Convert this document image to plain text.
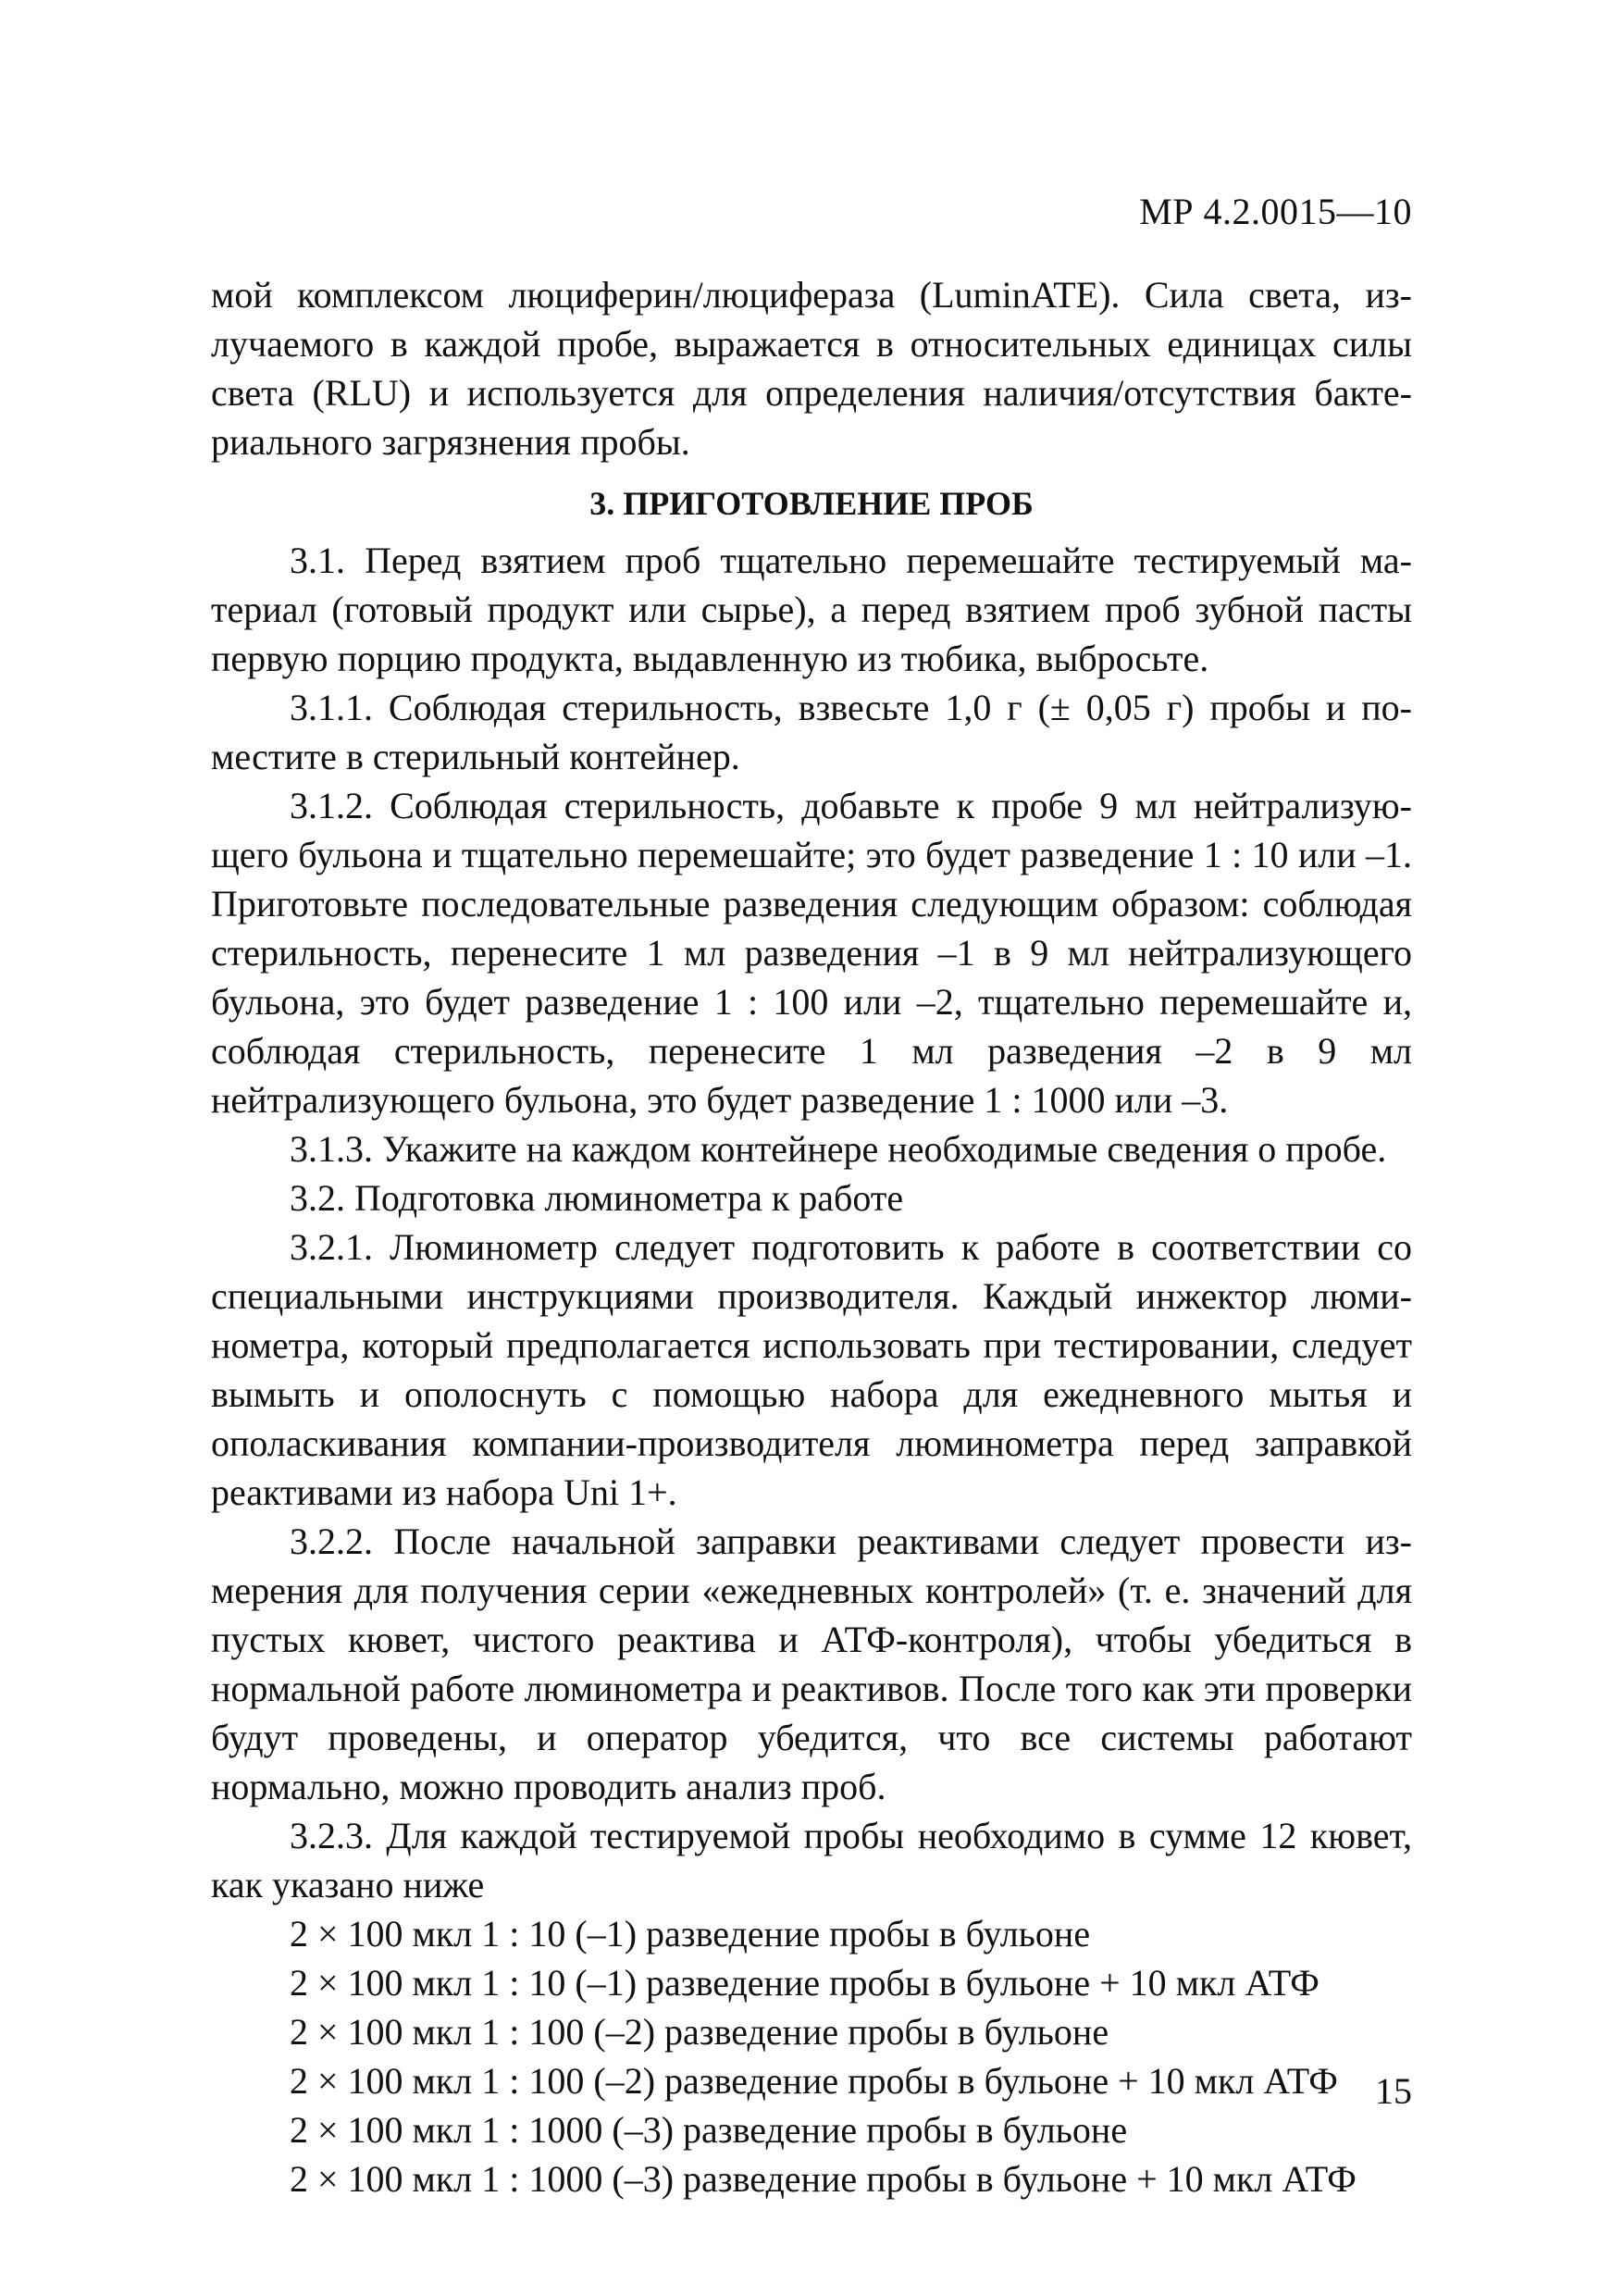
МР 4.2.0015—10

мой комплексом люциферин/люцифераза (LuminATE). Сила света, излучаемого в каждой пробе, выражается в относительных единицах силы света (RLU) и используется для определения наличия/отсутствия бактериального загрязнения пробы.

3. ПРИГОТОВЛЕНИЕ ПРОБ

3.1. Перед взятием проб тщательно перемешайте тестируемый материал (готовый продукт или сырье), а перед взятием проб зубной пасты первую порцию продукта, выдавленную из тюбика, выбросьте.

3.1.1. Соблюдая стерильность, взвесьте 1,0 г (± 0,05 г) пробы и поместите в стерильный контейнер.

3.1.2. Соблюдая стерильность, добавьте к пробе 9 мл нейтрализующего бульона и тщательно перемешайте; это будет разведение 1 : 10 или –1. Приготовьте последовательные разведения следующим образом: соблюдая стерильность, перенесите 1 мл разведения –1 в 9 мл нейтрализующего бульона, это будет разведение 1 : 100 или –2, тщательно перемешайте и, соблюдая стерильность, перенесите 1 мл разведения –2 в 9 мл нейтрализующего бульона, это будет разведение 1 : 1000 или –3.

3.1.3. Укажите на каждом контейнере необходимые сведения о пробе.

3.2. Подготовка люминометра к работе

3.2.1. Люминометр следует подготовить к работе в соответствии со специальными инструкциями производителя. Каждый инжектор люминометра, который предполагается использовать при тестировании, следует вымыть и ополоснуть с помощью набора для ежедневного мытья и ополаскивания компании-производителя люминометра перед заправкой реактивами из набора Uni 1+.

3.2.2. После начальной заправки реактивами следует провести измерения для получения серии «ежедневных контролей» (т. е. значений для пустых кювет, чистого реактива и АТФ-контроля), чтобы убедиться в нормальной работе люминометра и реактивов. После того как эти проверки будут проведены, и оператор убедится, что все системы работают нормально, можно проводить анализ проб.

3.2.3. Для каждой тестируемой пробы необходимо в сумме 12 кювет, как указано ниже

2 × 100 мкл 1 : 10 (–1) разведение пробы в бульоне
2 × 100 мкл 1 : 10 (–1) разведение пробы в бульоне + 10 мкл АТФ
2 × 100 мкл 1 : 100 (–2) разведение пробы в бульоне
2 × 100 мкл 1 : 100 (–2) разведение пробы в бульоне + 10 мкл АТФ
2 × 100 мкл 1 : 1000 (–3) разведение пробы в бульоне
2 × 100 мкл 1 : 1000 (–3) разведение пробы в бульоне + 10 мкл АТФ
15
